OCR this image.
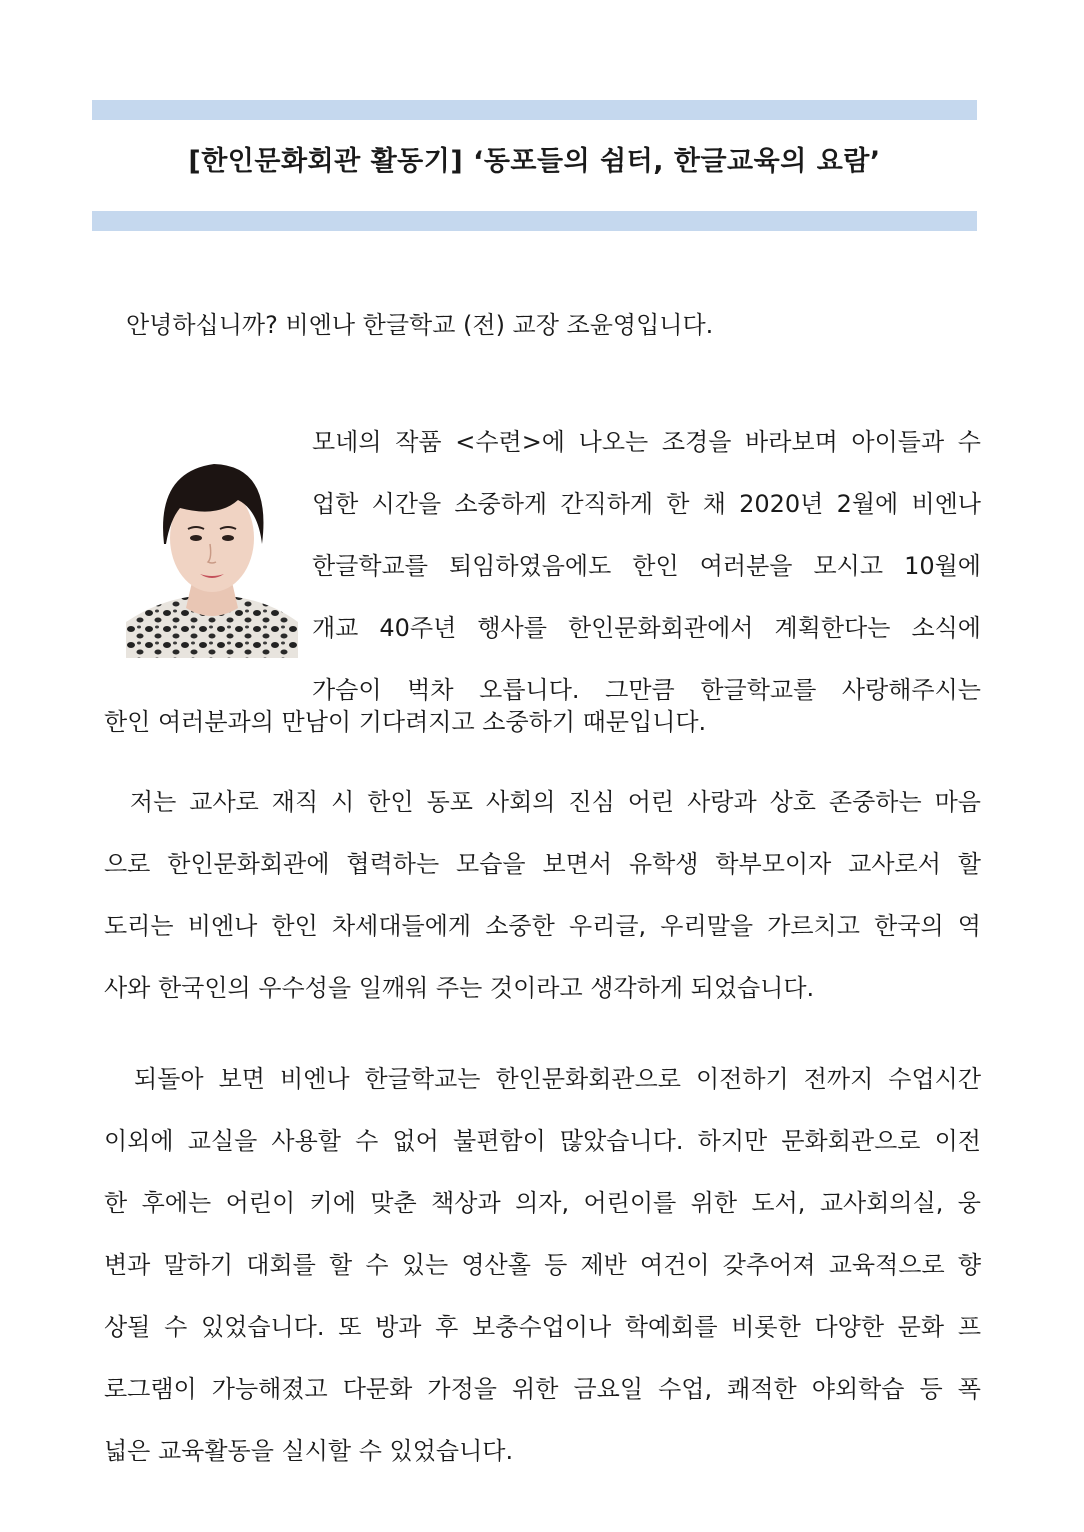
[한인문화회관 활동기] ‘동포들의 쉼터, 한글교육의 요람’
안녕하십니까? 비엔나 한글학교 (전) 교장 조윤영입니다.
모네의 작품 <수련>에 나오는 조경을 바라보며 아이들과 수
업한 시간을 소중하게 간직하게 한 채 2020년 2월에 비엔나
한글학교를 퇴임하였음에도 한인 여러분을 모시고 10월에
개교 40주년 행사를 한인문화회관에서 계획한다는 소식에
가슴이 벅차 오릅니다. 그만큼 한글학교를 사랑해주시는
한인 여러분과의 만남이 기다려지고 소중하기 때문입니다.
저는 교사로 재직 시 한인 동포 사회의 진심 어린 사랑과 상호 존중하는 마음
으로 한인문화회관에 협력하는 모습을 보면서 유학생 학부모이자 교사로서 할
도리는 비엔나 한인 차세대들에게 소중한 우리글, 우리말을 가르치고 한국의 역
사와 한국인의 우수성을 일깨워 주는 것이라고 생각하게 되었습니다.
되돌아 보면 비엔나 한글학교는 한인문화회관으로 이전하기 전까지 수업시간
이외에 교실을 사용할 수 없어 불편함이 많았습니다. 하지만 문화회관으로 이전
한 후에는 어린이 키에 맞춘 책상과 의자, 어린이를 위한 도서, 교사회의실, 웅
변과 말하기 대회를 할 수 있는 영산홀 등 제반 여건이 갖추어져 교육적으로 향
상될 수 있었습니다. 또 방과 후 보충수업이나 학예회를 비롯한 다양한 문화 프
로그램이 가능해졌고 다문화 가정을 위한 금요일 수업, 쾌적한 야외학습 등 폭
넓은 교육활동을 실시할 수 있었습니다.
